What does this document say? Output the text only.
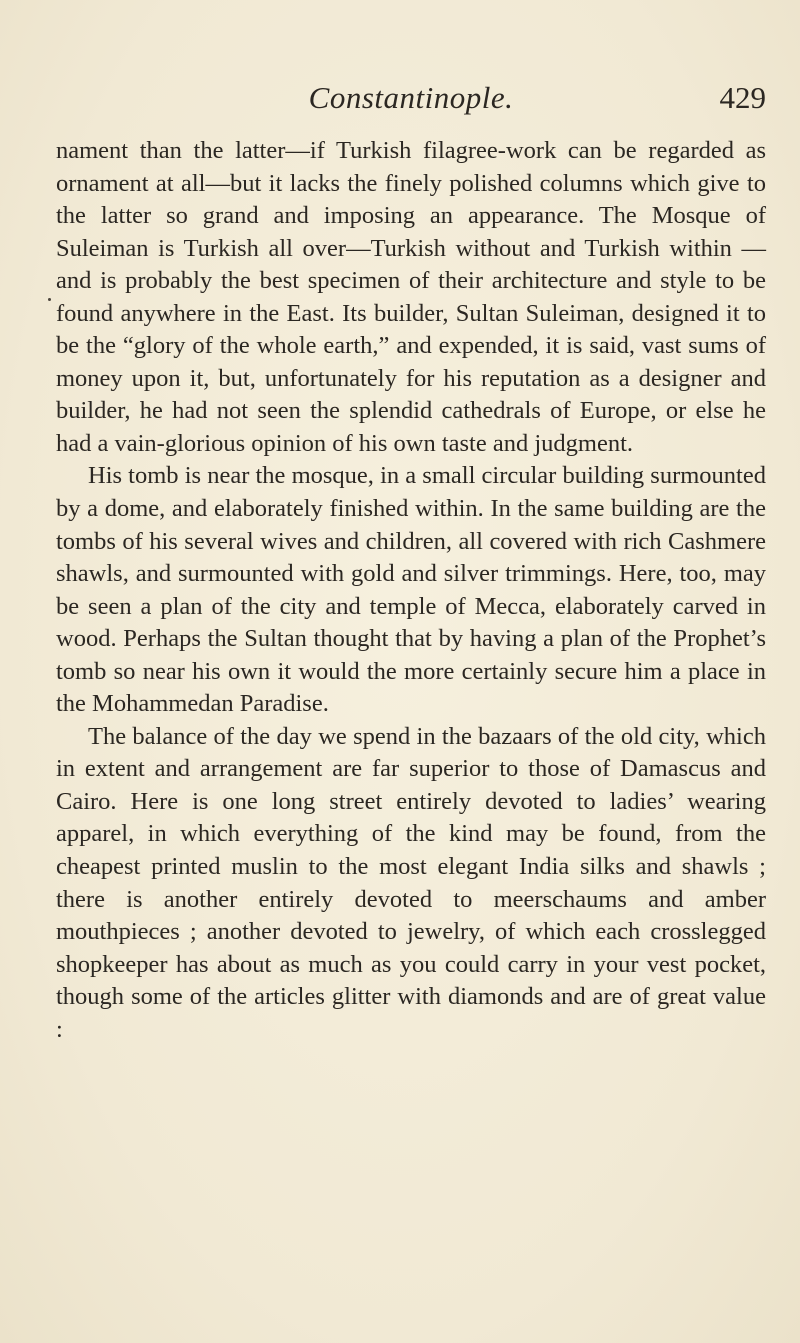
Constantinople.	429

nament than the latter—if Turkish filagree-work can be regarded as ornament at all—but it lacks the finely polished columns which give to the latter so grand and imposing an appearance. The Mosque of Suleiman is Turkish all over—Turkish without and Turkish within —and is probably the best specimen of their architecture and style to be found anywhere in the East. Its builder, Sultan Suleiman, designed it to be the “glory of the whole earth,” and expended, it is said, vast sums of money upon it, but, unfortunately for his reputation as a designer and builder, he had not seen the splendid cathedrals of Europe, or else he had a vain-glorious opinion of his own taste and judgment.

His tomb is near the mosque, in a small circular building surmounted by a dome, and elaborately finished within. In the same building are the tombs of his several wives and children, all covered with rich Cashmere shawls, and surmounted with gold and silver trimmings. Here, too, may be seen a plan of the city and temple of Mecca, elaborately carved in wood. Perhaps the Sultan thought that by having a plan of the Prophet’s tomb so near his own it would the more certainly secure him a place in the Mohammedan Paradise.

The balance of the day we spend in the bazaars of the old city, which in extent and arrangement are far superior to those of Damascus and Cairo. Here is one long street entirely devoted to ladies’ wearing apparel, in which everything of the kind may be found, from the cheapest printed muslin to the most elegant India silks and shawls ; there is another entirely devoted to meerschaums and amber mouthpieces ; another devoted to jewelry, of which each crosslegged shopkeeper has about as much as you could carry in your vest pocket, though some of the articles glitter with diamonds and are of great value :
